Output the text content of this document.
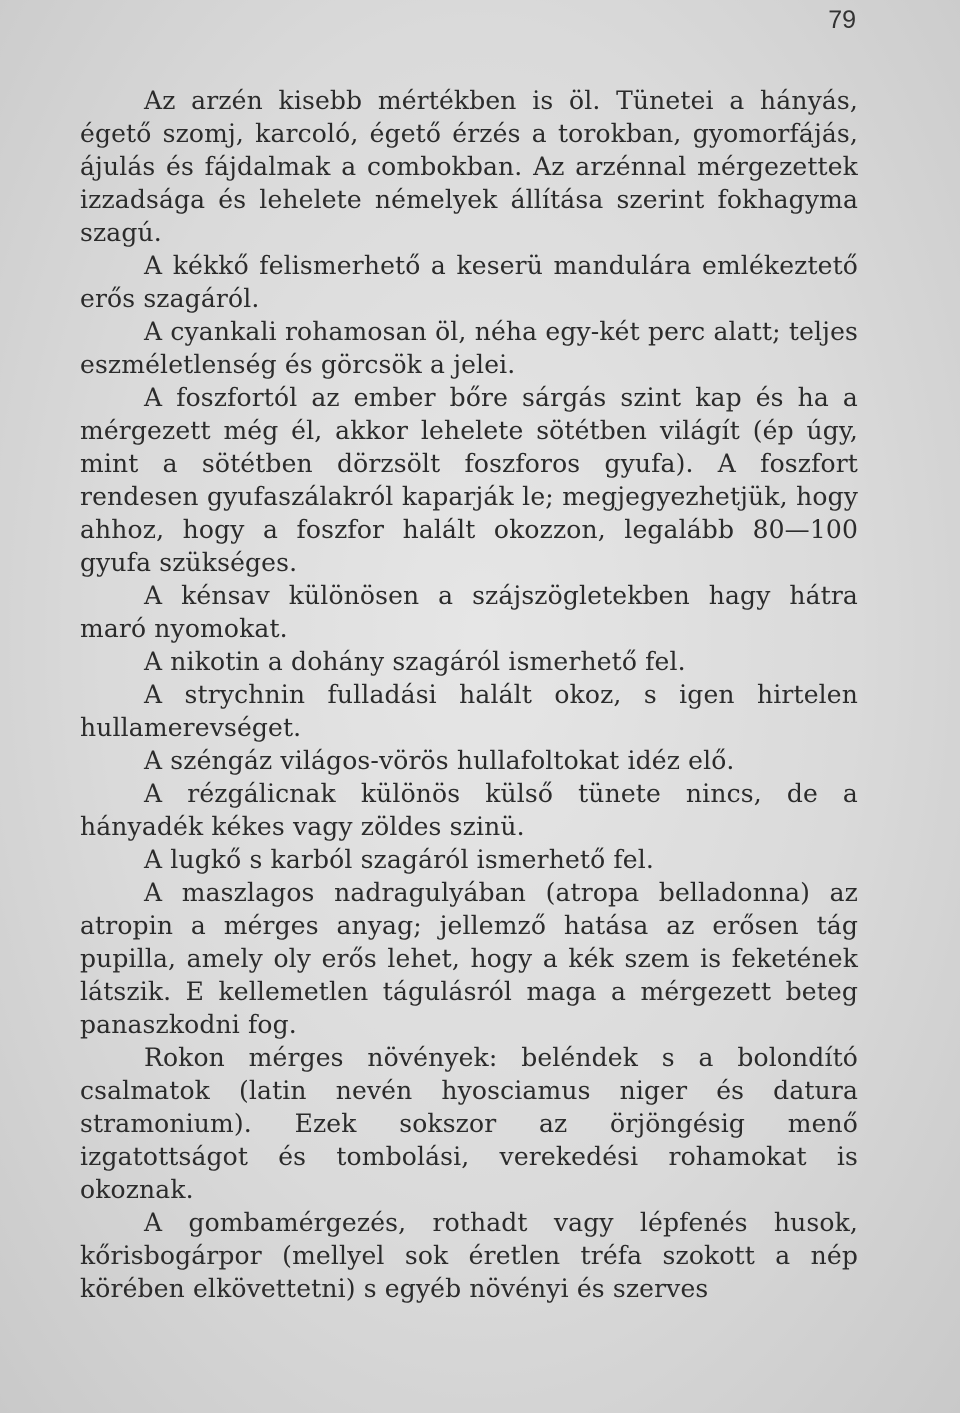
79

Az arzén kisebb mértékben is öl. Tünetei a hányás, égető szomj, karcoló, égető érzés a torokban, gyomorfájás, ájulás és fájdalmak a combokban. Az arzénnal mérgezettek izzadsága és lehelete némelyek állítása szerint fokhagyma szagú.

A kékkő felismerhető a keserü mandulára emlékeztető erős szagáról.

A cyankali rohamosan öl, néha egy-két perc alatt; teljes eszméletlenség és görcsök a jelei.

A foszfortól az ember bőre sárgás szint kap és ha a mérgezett még él, akkor lehelete sötétben világít (ép úgy, mint a sötétben dörzsölt foszforos gyufa). A foszfort rendesen gyufaszálakról kaparják le; megjegyezhetjük, hogy ahhoz, hogy a foszfor halált okozzon, legalább 80—100 gyufa szükséges.

A kénsav különösen a szájszögletekben hagy hátra maró nyomokat.

A nikotin a dohány szagáról ismerhető fel.

A strychnin fulladási halált okoz, s igen hirtelen hullamerevséget.

A széngáz világos-vörös hullafoltokat idéz elő.

A rézgálicnak különös külső tünete nincs, de a hányadék kékes vagy zöldes szinü.

A lugkő s karból szagáról ismerhető fel.

A maszlagos nadragulyában (atropa belladonna) az atropin a mérges anyag; jellemző hatása az erősen tág pupilla, amely oly erős lehet, hogy a kék szem is feketének látszik. E kellemetlen tágulásról maga a mérgezett beteg panaszkodni fog.

Rokon mérges növények: beléndek s a bolondító csalmatok (latin nevén hyosciamus niger és datura stramonium). Ezek sokszor az örjöngésig menő izgatottságot és tombolási, verekedési rohamokat is okoznak.

A gombamérgezés, rothadt vagy lépfenés husok, kőrisbogárpor (mellyel sok éretlen tréfa szokott a nép körében elkövettetni) s egyéb növényi és szerves
